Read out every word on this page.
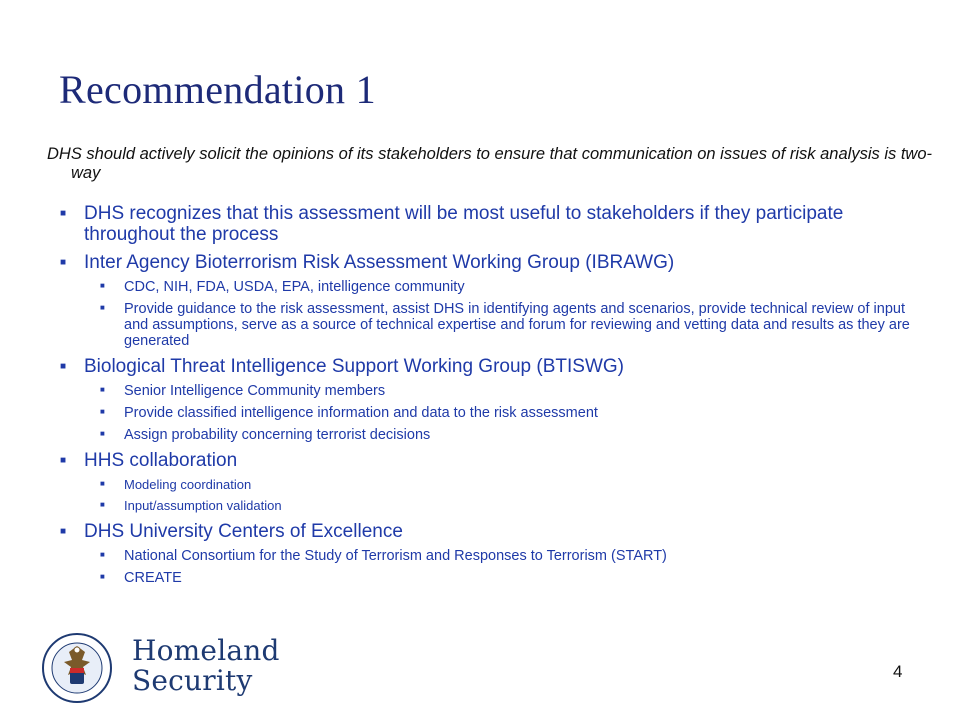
Recommendation 1
DHS should actively solicit the opinions of its stakeholders to ensure that communication on issues of risk analysis is two-way
■ DHS recognizes that this assessment will be most useful to stakeholders if they participate throughout the process
■ Inter Agency Bioterrorism Risk Assessment Working Group (IBRAWG)
■ CDC, NIH, FDA, USDA, EPA, intelligence community
■ Provide guidance to the risk assessment, assist DHS in identifying agents and scenarios, provide technical review of input and assumptions, serve as a source of technical expertise and forum for reviewing and vetting data and results as they are generated
■ Biological Threat Intelligence Support Working Group (BTISWG)
■ Senior Intelligence Community members
■ Provide classified intelligence information and data to the risk assessment
■ Assign probability concerning terrorist decisions
■ HHS collaboration
■ Modeling coordination
■ Input/assumption validation
■ DHS University Centers of Excellence
■ National Consortium for the Study of Terrorism and Responses to Terrorism (START)
■ CREATE
Homeland
Security	4
